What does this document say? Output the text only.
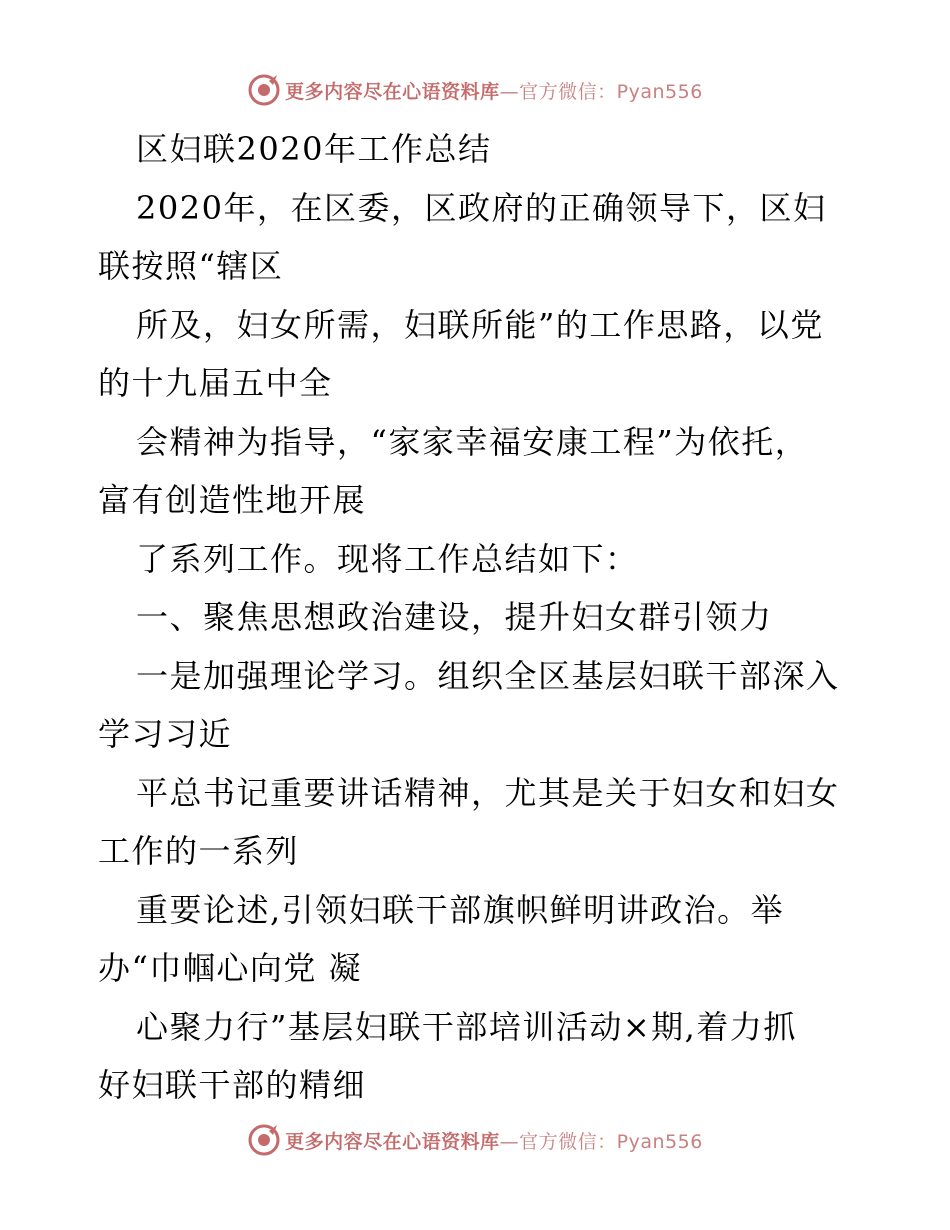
更多内容尽在心语资料库—官方微信：Pyan556
区妇联2020年工作总结
2020年，在区委，区政府的正确领导下，区妇
联按照“辖区
所及，妇女所需，妇联所能”的工作思路，以党
的十九届五中全
会精神为指导，“家家幸福安康工程”为依托，
富有创造性地开展
了系列工作。现将工作总结如下：
一、聚焦思想政治建设，提升妇女群引领力
一是加强理论学习。组织全区基层妇联干部深入
学习习近
平总书记重要讲话精神，尤其是关于妇女和妇女
工作的一系列
重要论述,引领妇联干部旗帜鲜明讲政治。举
办“巾帼心向党 凝
心聚力行”基层妇联干部培训活动×期,着力抓
好妇联干部的精细
更多内容尽在心语资料库—官方微信：Pyan556
